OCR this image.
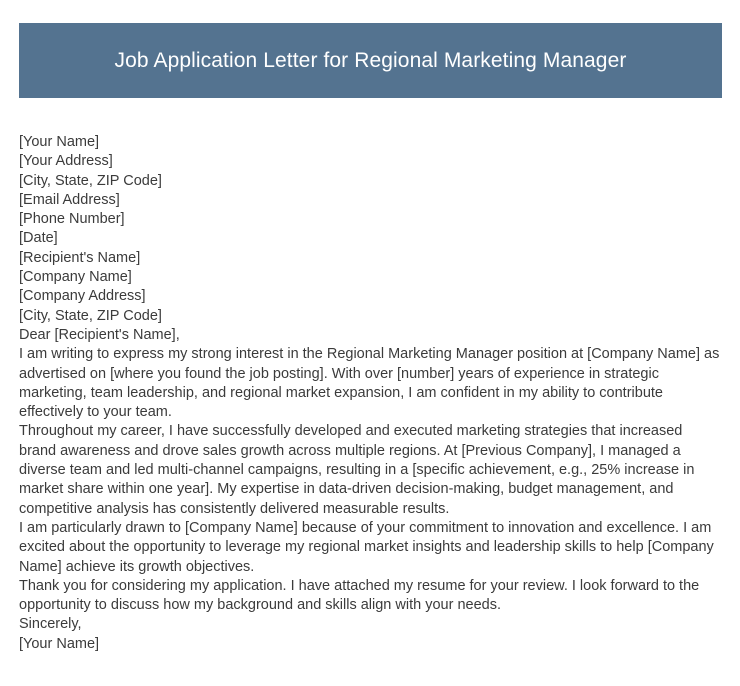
Job Application Letter for Regional Marketing Manager
[Your Name]
[Your Address]
[City, State, ZIP Code]
[Email Address]
[Phone Number]
[Date]
[Recipient's Name]
[Company Name]
[Company Address]
[City, State, ZIP Code]
Dear [Recipient's Name],
I am writing to express my strong interest in the Regional Marketing Manager position at [Company Name] as advertised on [where you found the job posting]. With over [number] years of experience in strategic marketing, team leadership, and regional market expansion, I am confident in my ability to contribute effectively to your team.
Throughout my career, I have successfully developed and executed marketing strategies that increased brand awareness and drove sales growth across multiple regions. At [Previous Company], I managed a diverse team and led multi-channel campaigns, resulting in a [specific achievement, e.g., 25% increase in market share within one year]. My expertise in data-driven decision-making, budget management, and competitive analysis has consistently delivered measurable results.
I am particularly drawn to [Company Name] because of your commitment to innovation and excellence. I am excited about the opportunity to leverage my regional market insights and leadership skills to help [Company Name] achieve its growth objectives.
Thank you for considering my application. I have attached my resume for your review. I look forward to the opportunity to discuss how my background and skills align with your needs.
Sincerely,
[Your Name]
